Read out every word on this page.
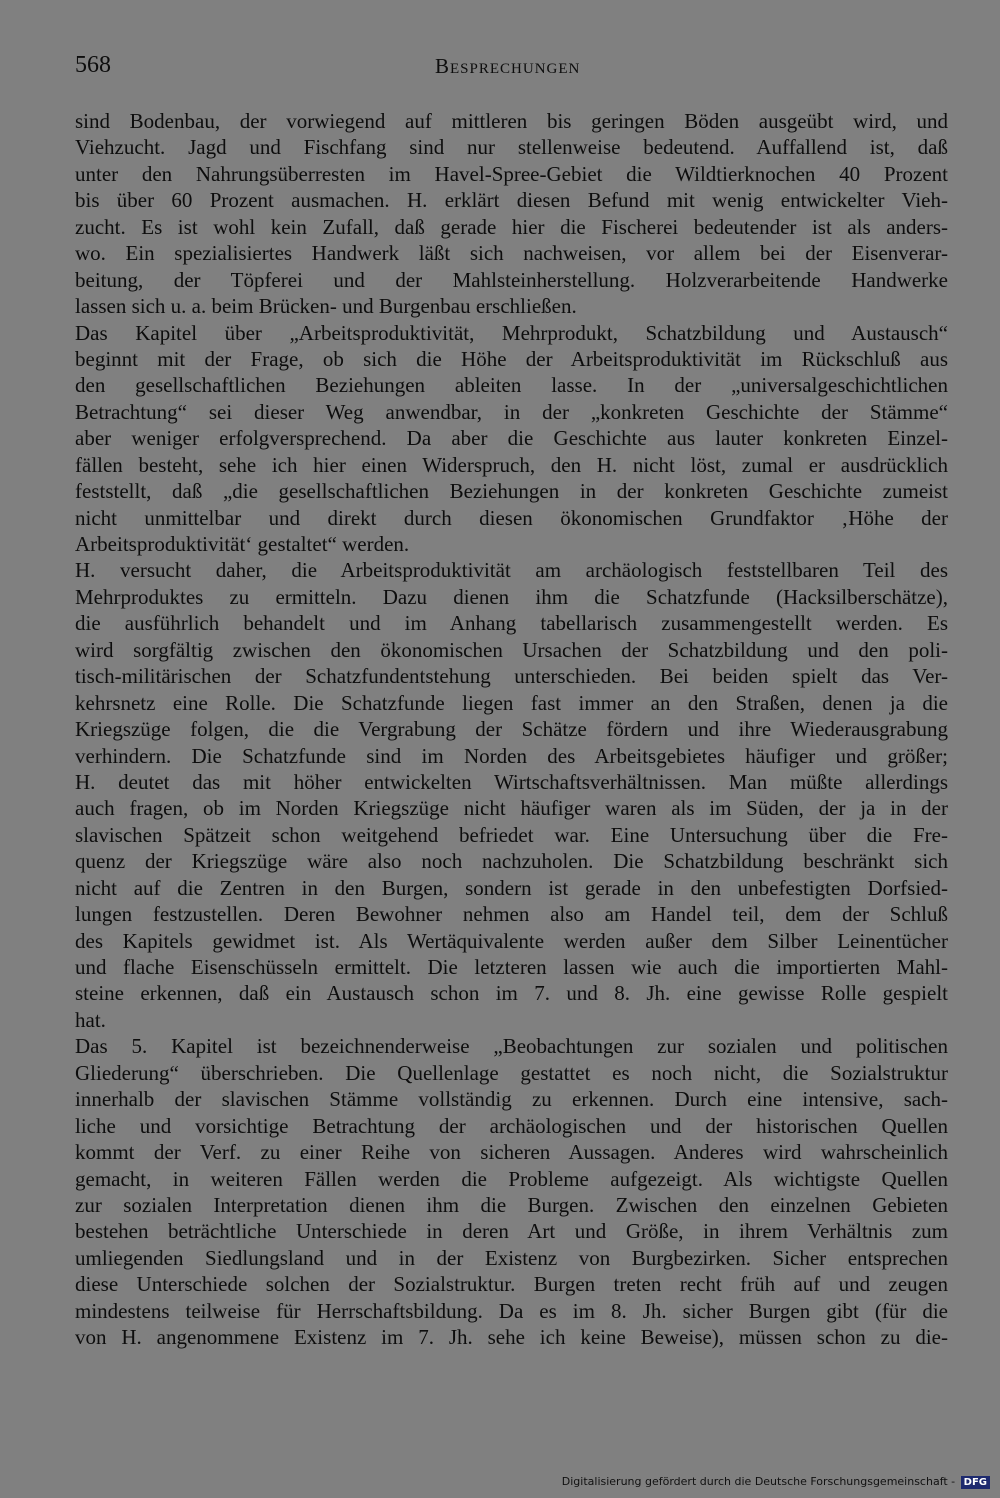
568	Besprechungen
sind Bodenbau, der vorwiegend auf mittleren bis geringen Böden ausgeübt wird, und
Viehzucht. Jagd und Fischfang sind nur stellenweise bedeutend. Auffallend ist, daß
unter den Nahrungsüberresten im Havel-Spree-Gebiet die Wildtierknochen 40 Prozent
bis über 60 Prozent ausmachen. H. erklärt diesen Befund mit wenig entwickelter Vieh-
zucht. Es ist wohl kein Zufall, daß gerade hier die Fischerei bedeutender ist als anders-
wo. Ein spezialisiertes Handwerk läßt sich nachweisen, vor allem bei der Eisenverar-
beitung, der Töpferei und der Mahlsteinherstellung. Holzverarbeitende Handwerke
lassen sich u. a. beim Brücken- und Burgenbau erschließen.
Das Kapitel über „Arbeitsproduktivität, Mehrprodukt, Schatzbildung und Austausch“
beginnt mit der Frage, ob sich die Höhe der Arbeitsproduktivität im Rückschluß aus
den gesellschaftlichen Beziehungen ableiten lasse. In der „universalgeschichtlichen
Betrachtung“ sei dieser Weg anwendbar, in der „konkreten Geschichte der Stämme“
aber weniger erfolgversprechend. Da aber die Geschichte aus lauter konkreten Einzel-
fällen besteht, sehe ich hier einen Widerspruch, den H. nicht löst, zumal er ausdrücklich
feststellt, daß „die gesellschaftlichen Beziehungen in der konkreten Geschichte zumeist
nicht unmittelbar und direkt durch diesen ökonomischen Grundfaktor ‚Höhe der
Arbeitsproduktivität‘ gestaltet“ werden.
H. versucht daher, die Arbeitsproduktivität am archäologisch feststellbaren Teil des
Mehrproduktes zu ermitteln. Dazu dienen ihm die Schatzfunde (Hacksilberschätze),
die ausführlich behandelt und im Anhang tabellarisch zusammengestellt werden. Es
wird sorgfältig zwischen den ökonomischen Ursachen der Schatzbildung und den poli-
tisch-militärischen der Schatzfundentstehung unterschieden. Bei beiden spielt das Ver-
kehrsnetz eine Rolle. Die Schatzfunde liegen fast immer an den Straßen, denen ja die
Kriegszüge folgen, die die Vergrabung der Schätze fördern und ihre Wiederausgrabung
verhindern. Die Schatzfunde sind im Norden des Arbeitsgebietes häufiger und größer;
H. deutet das mit höher entwickelten Wirtschaftsverhältnissen. Man müßte allerdings
auch fragen, ob im Norden Kriegszüge nicht häufiger waren als im Süden, der ja in der
slavischen Spätzeit schon weitgehend befriedet war. Eine Untersuchung über die Fre-
quenz der Kriegszüge wäre also noch nachzuholen. Die Schatzbildung beschränkt sich
nicht auf die Zentren in den Burgen, sondern ist gerade in den unbefestigten Dorfsied-
lungen festzustellen. Deren Bewohner nehmen also am Handel teil, dem der Schluß
des Kapitels gewidmet ist. Als Wertäquivalente werden außer dem Silber Leinentücher
und flache Eisenschüsseln ermittelt. Die letzteren lassen wie auch die importierten Mahl-
steine erkennen, daß ein Austausch schon im 7. und 8. Jh. eine gewisse Rolle gespielt
hat.
Das 5. Kapitel ist bezeichnenderweise „Beobachtungen zur sozialen und politischen
Gliederung“ überschrieben. Die Quellenlage gestattet es noch nicht, die Sozialstruktur
innerhalb der slavischen Stämme vollständig zu erkennen. Durch eine intensive, sach-
liche und vorsichtige Betrachtung der archäologischen und der historischen Quellen
kommt der Verf. zu einer Reihe von sicheren Aussagen. Anderes wird wahrscheinlich
gemacht, in weiteren Fällen werden die Probleme aufgezeigt. Als wichtigste Quellen
zur sozialen Interpretation dienen ihm die Burgen. Zwischen den einzelnen Gebieten
bestehen beträchtliche Unterschiede in deren Art und Größe, in ihrem Verhältnis zum
umliegenden Siedlungsland und in der Existenz von Burgbezirken. Sicher entsprechen
diese Unterschiede solchen der Sozialstruktur. Burgen treten recht früh auf und zeugen
mindestens teilweise für Herrschaftsbildung. Da es im 8. Jh. sicher Burgen gibt (für die
von H. angenommene Existenz im 7. Jh. sehe ich keine Beweise), müssen schon zu die-
Digitalisierung gefördert durch die Deutsche Forschungsgemeinschaft - DFG
